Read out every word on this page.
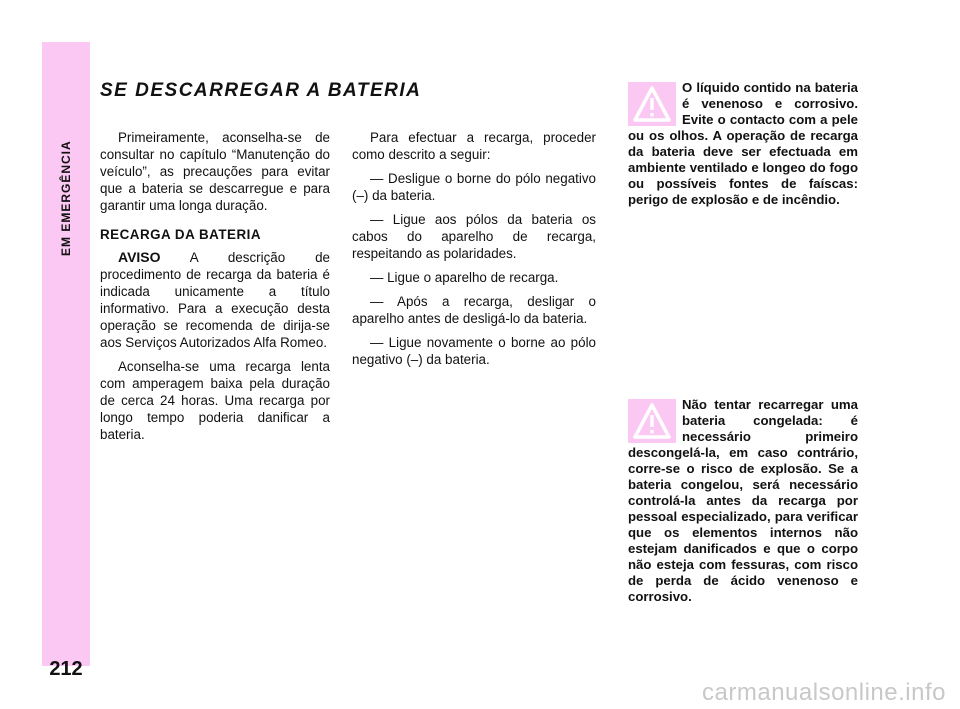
EM EMERGÊNCIA
212
SE DESCARREGAR A BATERIA

Primeiramente, aconselha-se de consultar no capítulo “Manutenção do veículo”, as precauções para evitar que a bateria se descarregue e para garantir uma longa duração.

RECARGA DA BATERIA

AVISO A descrição de procedimento de recarga da bateria é indicada unicamente a título informativo. Para a execução desta operação se recomenda de dirija-se aos Serviços Autorizados Alfa Romeo.

Aconselha-se uma recarga lenta com amperagem baixa pela duração de cerca 24 horas. Uma recarga por longo tempo poderia danificar a bateria.

Para efectuar a recarga, proceder como descrito a seguir:

— Desligue o borne do pólo negativo (–) da bateria.

— Ligue aos pólos da bateria os cabos do aparelho de recarga, respeitando as polaridades.

— Ligue o aparelho de recarga.

— Após a recarga, desligar o aparelho antes de desligá-lo da bateria.

— Ligue novamente o borne ao pólo negativo (–) da bateria.

O líquido contido na bateria é venenoso e corrosivo. Evite o contacto com a pele ou os olhos. A operação de recarga da bateria deve ser efectuada em ambiente ventilado e longeo do fogo ou possíveis fontes de faíscas: perigo de explosão e de incêndio.
Não tentar recarregar uma bateria congelada: é necessário primeiro descongelá-la, em caso contrário, corre-se o risco de explosão. Se a bateria congelou, será necessário controlá-la antes da recarga por pessoal especializado, para verificar que os elementos internos não estejam danificados e que o corpo não esteja com fessuras, com risco de perda de ácido venenoso e corrosivo.
carmanualsonline.info
